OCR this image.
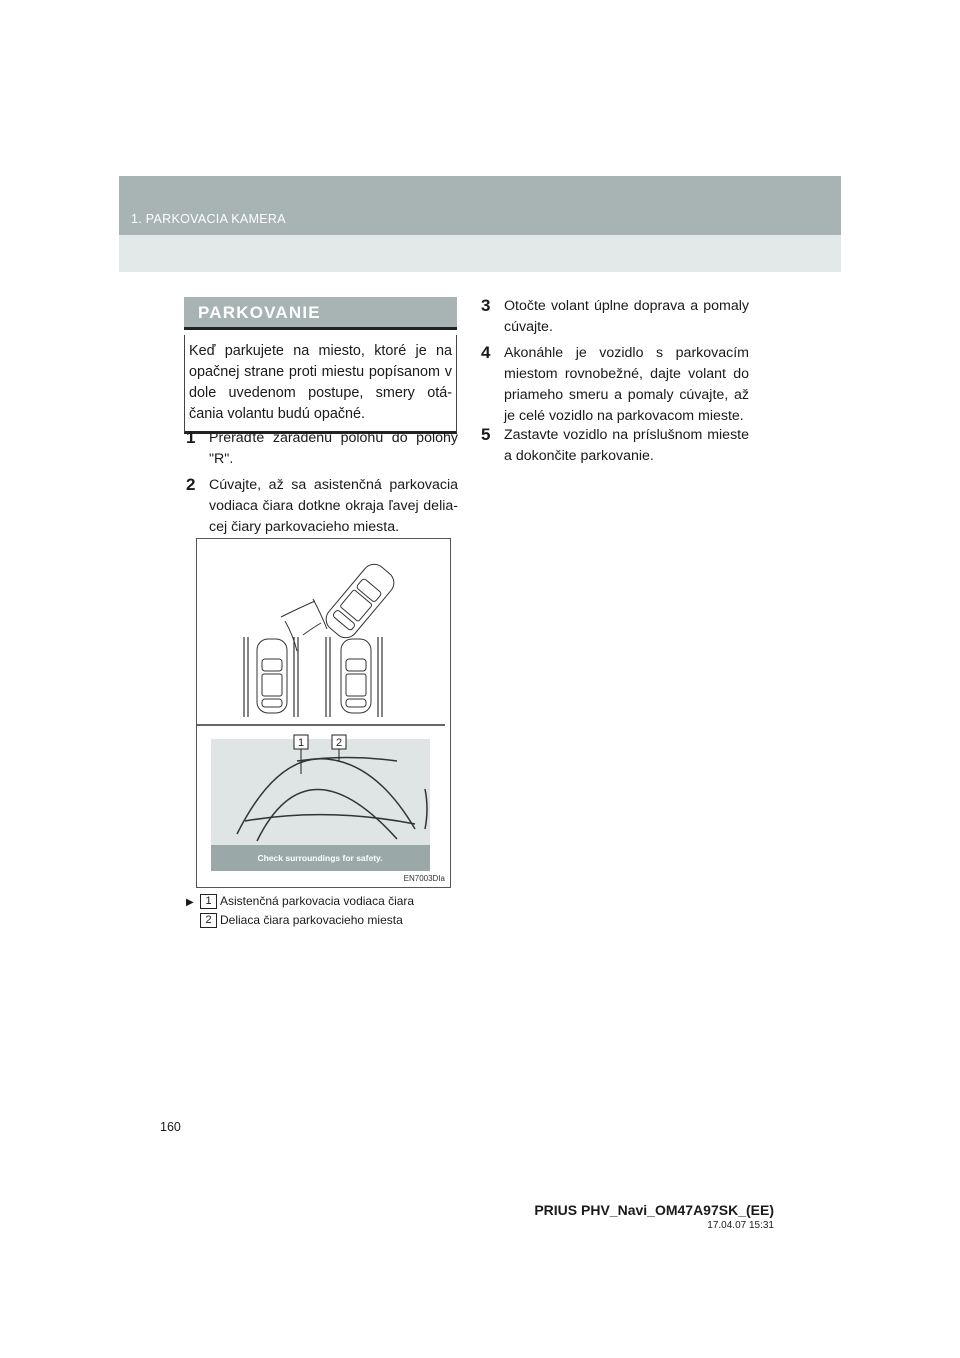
1. PARKOVACIA KAMERA
PARKOVANIE
Keď parkujete na miesto, ktoré je na opačnej strane proti miestu popísanom v dole uvedenom postupe, smery otá-čania volantu budú opačné.
1 Preraďte zaradenú polohu do polohy "R".
2 Cúvajte, až sa asistenčná parkovacia vodiaca čiara dotkne okraja ľavej delia-cej čiary parkovacieho miesta.
Check surroundings for safety.
1	2
EN7003DIa
▶	1 Asistenčná parkovacia vodiaca čiara
2 Deliaca čiara parkovacieho miesta
3 Otočte volant úplne doprava a pomaly cúvajte.
4 Akonáhle je vozidlo s parkovacím miestom rovnobežné, dajte volant do priameho smeru a pomaly cúvajte, až je celé vozidlo na parkovacom mieste.
5 Zastavte vozidlo na príslušnom mieste a dokončite parkovanie.
160
PRIUS PHV_Navi_OM47A97SK_(EE)
17.04.07 15:31
